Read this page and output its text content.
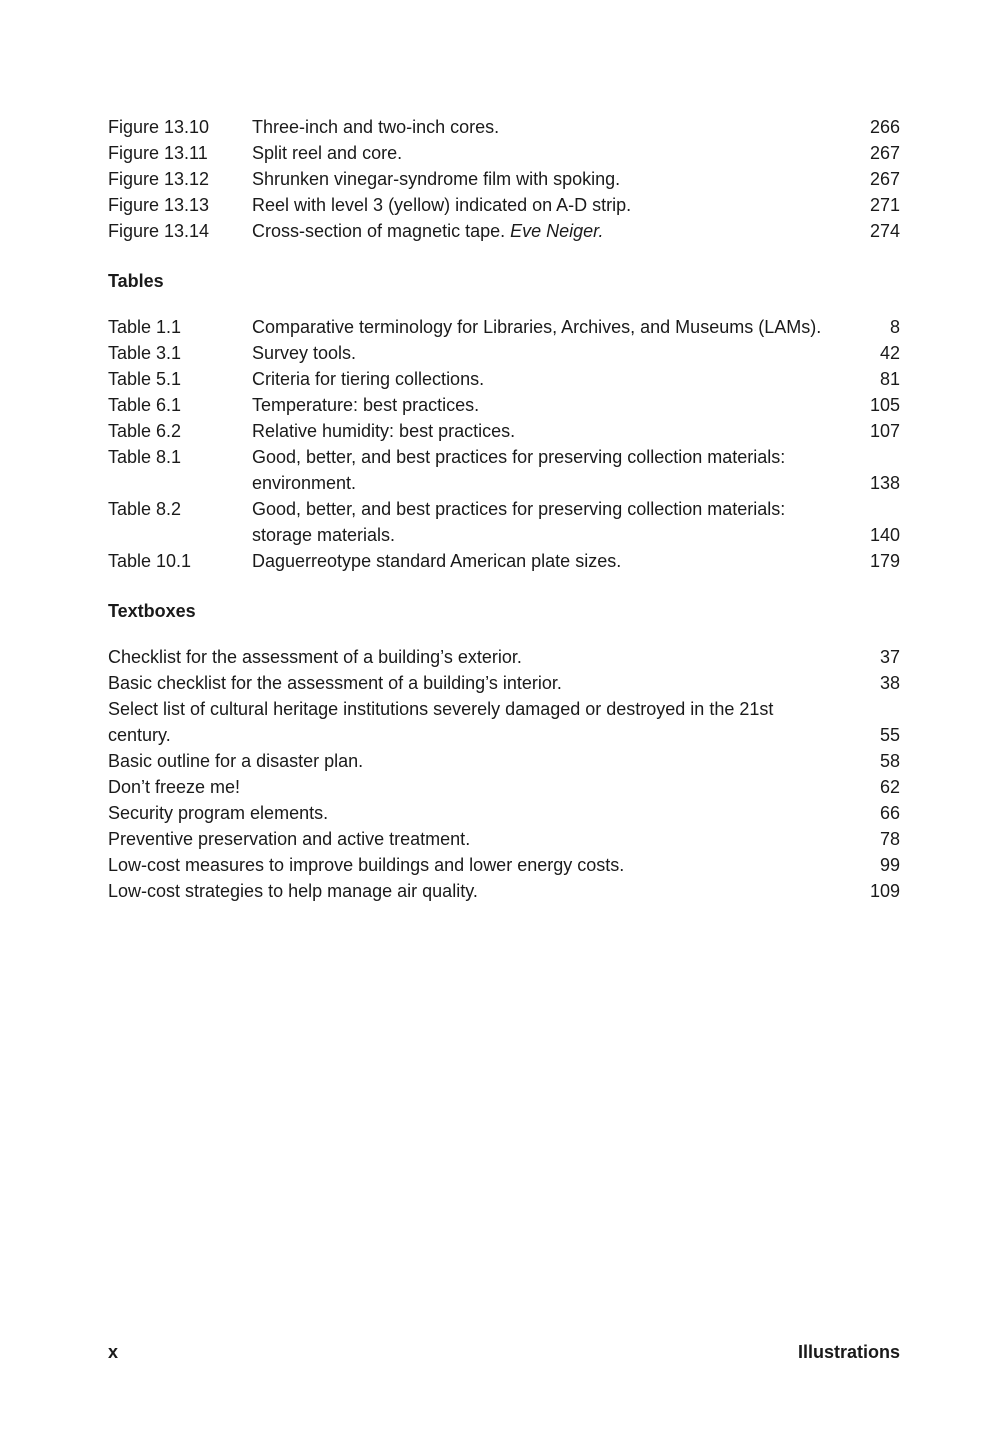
Figure 13.10	Three-inch and two-inch cores.	266
Figure 13.11	Split reel and core.	267
Figure 13.12	Shrunken vinegar-syndrome film with spoking.	267
Figure 13.13	Reel with level 3 (yellow) indicated on A-D strip.	271
Figure 13.14	Cross-section of magnetic tape. Eve Neiger.	274
Tables
Table 1.1	Comparative terminology for Libraries, Archives, and Museums (LAMs).	8
Table 3.1	Survey tools.	42
Table 5.1	Criteria for tiering collections.	81
Table 6.1	Temperature: best practices.	105
Table 6.2	Relative humidity: best practices.	107
Table 8.1	Good, better, and best practices for preserving collection materials: environment.	138
Table 8.2	Good, better, and best practices for preserving collection materials: storage materials.	140
Table 10.1	Daguerreotype standard American plate sizes.	179
Textboxes
Checklist for the assessment of a building’s exterior.	37
Basic checklist for the assessment of a building’s interior.	38
Select list of cultural heritage institutions severely damaged or destroyed in the 21st century.	55
Basic outline for a disaster plan.	58
Don’t freeze me!	62
Security program elements.	66
Preventive preservation and active treatment.	78
Low-cost measures to improve buildings and lower energy costs.	99
Low-cost strategies to help manage air quality.	109
x	Illustrations
